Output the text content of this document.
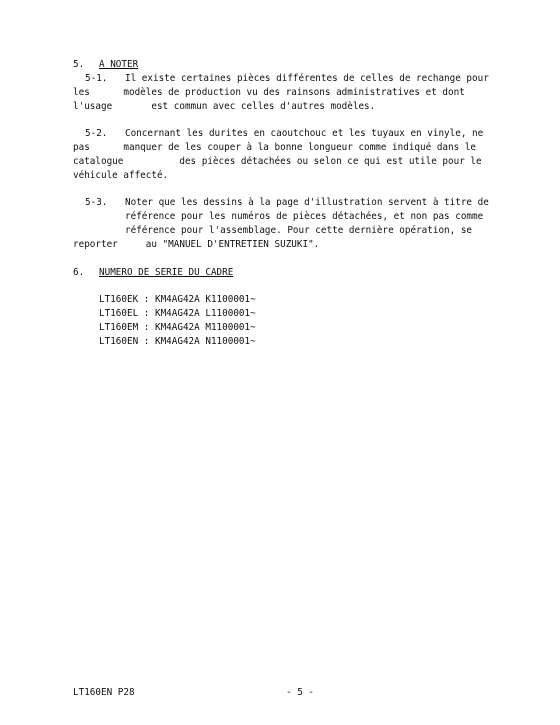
5. A NOTER
5-1. Il existe certaines pièces différentes de celles de rechange pour
les      modèles de production vu des rainsons administratives et dont
l'usage       est commun avec celles d'autres modèles.
5-2. Concernant les durites en caoutchouc et les tuyaux en vinyle, ne
pas      manquer de les couper à la bonne longueur comme indiqué dans le
catalogue          des pièces détachées ou selon ce qui est utile pour le
véhicule affecté.
5-3. Noter que les dessins à la page d'illustration servent à titre de
référence pour les numéros de pièces détachées, et non pas comme
référence pour l'assemblage. Pour cette dernière opération, se
reporter     au "MANUEL D'ENTRETIEN SUZUKI".
6. NUMERO DE SERIE DU CADRE
LT160EK : KM4AG42A K1100001~
LT160EL : KM4AG42A L1100001~
LT160EM : KM4AG42A M1100001~
LT160EN : KM4AG42A N1100001~
LT160EN P28	- 5 -
